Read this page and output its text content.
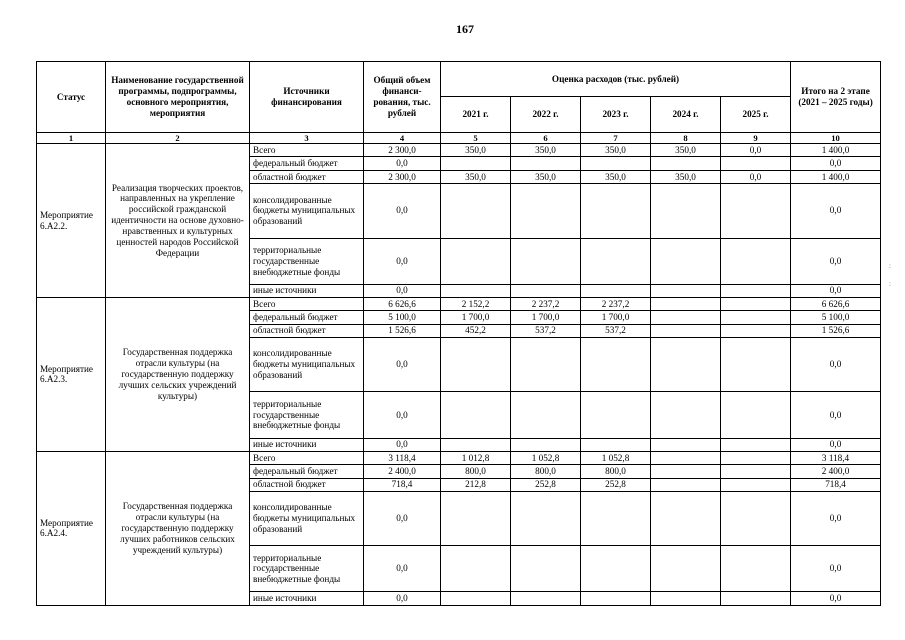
167
Статус	Наименование государственной программы, подпрограммы, основного мероприятия, мероприятия	Источники финансирования	Общий объем финанси- рования, тыс. рублей	Оценка расходов (тыс. рублей)					Итого на 2 этапе (2021 – 2025 годы)
				2021 г.	2022 г.	2023 г.	2024 г.	2025 г.	
1	2	3	4	5	6	7	8	9	10
Мероприятие 6.А2.2.	Реализация творческих проектов, направленных на укрепление российской гражданской идентичности на основе духовно-нравственных и культурных ценностей народов Российской Федерации	Всего	2 300,0	350,0	350,0	350,0	350,0	0,0	1 400,0
		федеральный бюджет	0,0						0,0
		областной бюджет	2 300,0	350,0	350,0	350,0	350,0	0,0	1 400,0
		консолидированные бюджеты муниципальных образований	0,0						0,0
		территориальные государственные внебюджетные фонды	0,0						0,0
		иные источники	0,0						0,0
Мероприятие 6.А2.3.	Государственная поддержка отрасли культуры (на государственную поддержку лучших сельских учреждений культуры)	Всего	6 626,6	2 152,2	2 237,2	2 237,2			6 626,6
		федеральный бюджет	5 100,0	1 700,0	1 700,0	1 700,0			5 100,0
		областной бюджет	1 526,6	452,2	537,2	537,2			1 526,6
		консолидированные бюджеты муниципальных образований	0,0						0,0
		территориальные государственные внебюджетные фонды	0,0						0,0
		иные источники	0,0						0,0
Мероприятие 6.А2.4.	Государственная поддержка отрасли культуры (на государственную поддержку лучших работников сельских учреждений культуры)	Всего	3 118,4	1 012,8	1 052,8	1 052,8			3 118,4
		федеральный бюджет	2 400,0	800,0	800,0	800,0			2 400,0
		областной бюджет	718,4	212,8	252,8	252,8			718,4
		консолидированные бюджеты муниципальных образований	0,0						0,0
		территориальные государственные внебюджетные фонды	0,0						0,0
		иные источники	0,0						0,0
:
:
